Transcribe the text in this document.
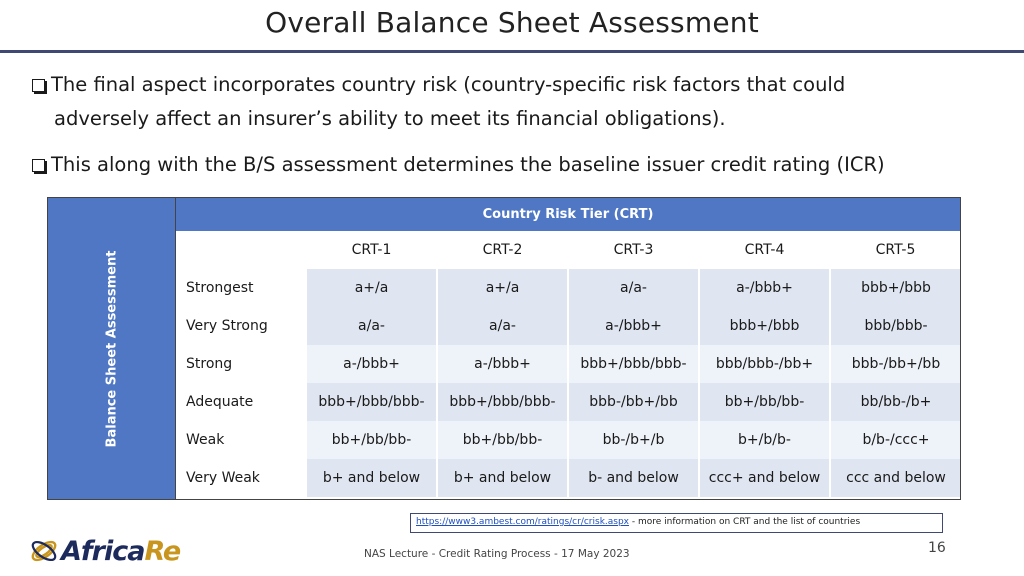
Overall Balance Sheet Assessment
The final aspect incorporates country risk (country-specific risk factors that could
adversely affect an insurer’s ability to meet its financial obligations).
This along with the B/S assessment determines the baseline issuer credit rating (ICR)
Balance Sheet Assessment
Country Risk Tier (CRT)
	CRT-1	CRT-2	CRT-3	CRT-4	CRT-5
Strongest	a+/a	a+/a	a/a-	a-/bbb+	bbb+/bbb
Very Strong	a/a-	a/a-	a-/bbb+	bbb+/bbb	bbb/bbb-
Strong	a-/bbb+	a-/bbb+	bbb+/bbb/bbb-	bbb/bbb-/bb+	bbb-/bb+/bb
Adequate	bbb+/bbb/bbb-	bbb+/bbb/bbb-	bbb-/bb+/bb	bb+/bb/bb-	bb/bb-/b+
Weak	bb+/bb/bb-	bb+/bb/bb-	bb-/b+/b	b+/b/b-	b/b-/ccc+
Very Weak	b+ and below	b+ and below	b- and below	ccc+ and below	ccc and below
https://www3.ambest.com/ratings/cr/crisk.aspx - more information on CRT and the list of countries
AfricaRe	NAS Lecture - Credit Rating Process - 17 May 2023	16
